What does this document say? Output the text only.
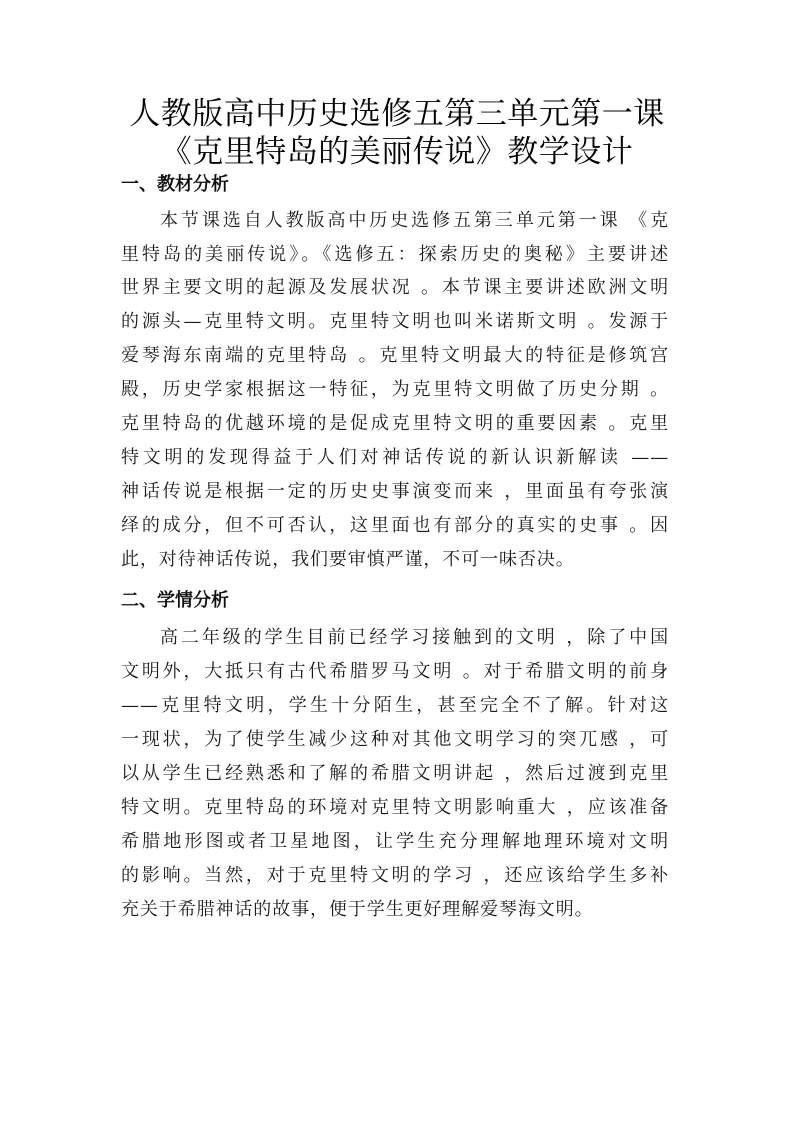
人教版高中历史选修五第三单元第一课
《克里特岛的美丽传说》教学设计
一、教材分析
本节课选自人教版高中历史选修五第三单元第一课 《克
里特岛的美丽传说》。《选修五：探索历史的奥秘》主要讲述
世界主要文明的起源及发展状况 。本节课主要讲述欧洲文明
的源头—克里特文明。克里特文明也叫米诺斯文明 。发源于
爱琴海东南端的克里特岛 。克里特文明最大的特征是修筑宫
殿，历史学家根据这一特征，为克里特文明做了历史分期 。
克里特岛的优越环境的是促成克里特文明的重要因素 。克里
特文明的发现得益于人们对神话传说的新认识新解读 ——
神话传说是根据一定的历史史事演变而来 ，里面虽有夸张演
绎的成分，但不可否认，这里面也有部分的真实的史事 。因
此，对待神话传说，我们要审慎严谨，不可一味否决。
二、学情分析
高二年级的学生目前已经学习接触到的文明 ，除了中国
文明外，大抵只有古代希腊罗马文明 。对于希腊文明的前身
——克里特文明，学生十分陌生，甚至完全不了解。针对这
一现状，为了使学生减少这种对其他文明学习的突兀感 ，可
以从学生已经熟悉和了解的希腊文明讲起 ，然后过渡到克里
特文明。克里特岛的环境对克里特文明影响重大 ，应该准备
希腊地形图或者卫星地图，让学生充分理解地理环境对文明
的影响。当然，对于克里特文明的学习 ，还应该给学生多补
充关于希腊神话的故事，便于学生更好理解爱琴海文明。
